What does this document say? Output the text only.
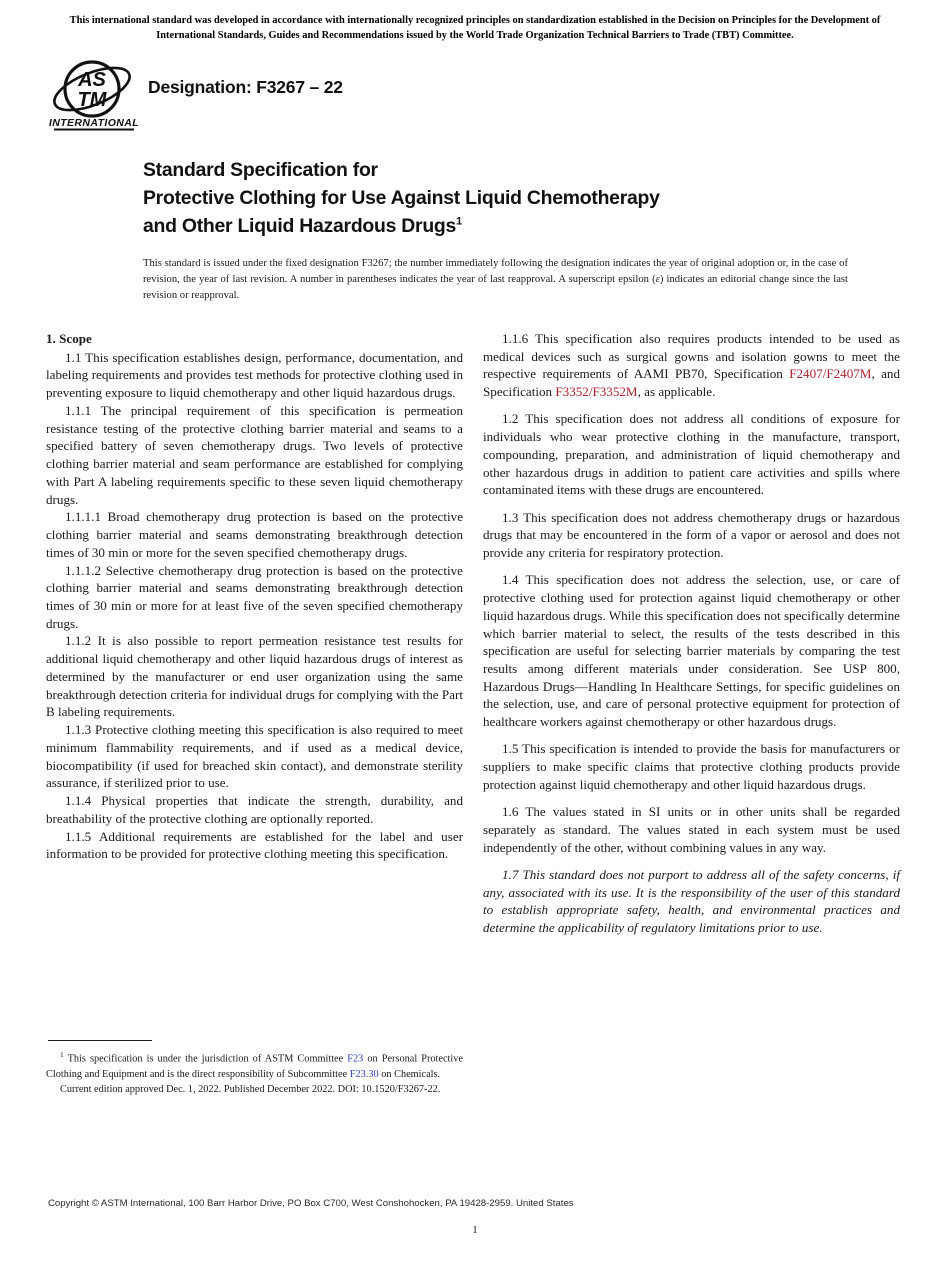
This international standard was developed in accordance with internationally recognized principles on standardization established in the Decision on Principles for the Development of International Standards, Guides and Recommendations issued by the World Trade Organization Technical Barriers to Trade (TBT) Committee.
AS
TM
INTERNATIONAL
Designation: F3267 – 22
Standard Specification for
Protective Clothing for Use Against Liquid Chemotherapy
and Other Liquid Hazardous Drugs$^1$
This standard is issued under the fixed designation F3267; the number immediately following the designation indicates the year of original adoption or, in the case of revision, the year of last revision. A number in parentheses indicates the year of last reapproval. A superscript epsilon (ε) indicates an editorial change since the last revision or reapproval.
1. Scope

1.1 This specification establishes design, performance, documentation, and labeling requirements and provides test methods for protective clothing used in preventing exposure to liquid chemotherapy and other liquid hazardous drugs.

1.1.1 The principal requirement of this specification is permeation resistance testing of the protective clothing barrier material and seams to a specified battery of seven chemotherapy drugs. Two levels of protective clothing barrier material and seam performance are established for complying with Part A labeling requirements specific to these seven liquid chemotherapy drugs.

1.1.1.1 Broad chemotherapy drug protection is based on the protective clothing barrier material and seams demonstrating breakthrough detection times of 30 min or more for the seven specified chemotherapy drugs.

1.1.1.2 Selective chemotherapy drug protection is based on the protective clothing barrier material and seams demonstrating breakthrough detection times of 30 min or more for at least five of the seven specified chemotherapy drugs.

1.1.2 It is also possible to report permeation resistance test results for additional liquid chemotherapy and other liquid hazardous drugs of interest as determined by the manufacturer or end user organization using the same breakthrough detection criteria for individual drugs for complying with the Part B labeling requirements.

1.1.3 Protective clothing meeting this specification is also required to meet minimum flammability requirements, and if used as a medical device, biocompatibility (if used for breached skin contact), and demonstrate sterility assurance, if sterilized prior to use.

1.1.4 Physical properties that indicate the strength, durability, and breathability of the protective clothing are optionally reported.

1.1.5 Additional requirements are established for the label and user information to be provided for protective clothing meeting this specification.

1.1.6 This specification also requires products intended to be used as medical devices such as surgical gowns and isolation gowns to meet the respective requirements of AAMI PB70, Specification F2407/F2407M, and Specification F3352/F3352M, as applicable.

1.2 This specification does not address all conditions of exposure for individuals who wear protective clothing in the manufacture, transport, compounding, preparation, and administration of liquid chemotherapy and other hazardous drugs in addition to patient care activities and spills where contaminated items with these drugs are encountered.

1.3 This specification does not address chemotherapy drugs or hazardous drugs that may be encountered in the form of a vapor or aerosol and does not provide any criteria for respiratory protection.

1.4 This specification does not address the selection, use, or care of protective clothing used for protection against liquid chemotherapy or other liquid hazardous drugs. While this specification does not specifically determine which barrier material to select, the results of the tests described in this specification are useful for selecting barrier materials by comparing the test results among different materials under consideration. See USP 800, Hazardous Drugs—Handling In Healthcare Settings, for specific guidelines on the selection, use, and care of personal protective equipment for protection of healthcare workers against chemotherapy or other hazardous drugs.

1.5 This specification is intended to provide the basis for manufacturers or suppliers to make specific claims that protective clothing products provide protection against liquid chemotherapy and other liquid hazardous drugs.

1.6 The values stated in SI units or in other units shall be regarded separately as standard. The values stated in each system must be used independently of the other, without combining values in any way.

1.7 This standard does not purport to address all of the safety concerns, if any, associated with its use. It is the responsibility of the user of this standard to establish appropriate safety, health, and environmental practices and determine the applicability of regulatory limitations prior to use.

$^1$ This specification is under the jurisdiction of ASTM Committee F23 on Personal Protective Clothing and Equipment and is the direct responsibility of Subcommittee F23.30 on Chemicals.

Current edition approved Dec. 1, 2022. Published December 2022. DOI: 10.1520/F3267-22.

Copyright © ASTM International, 100 Barr Harbor Drive, PO Box C700, West Conshohocken, PA 19428-2959. United States
1
